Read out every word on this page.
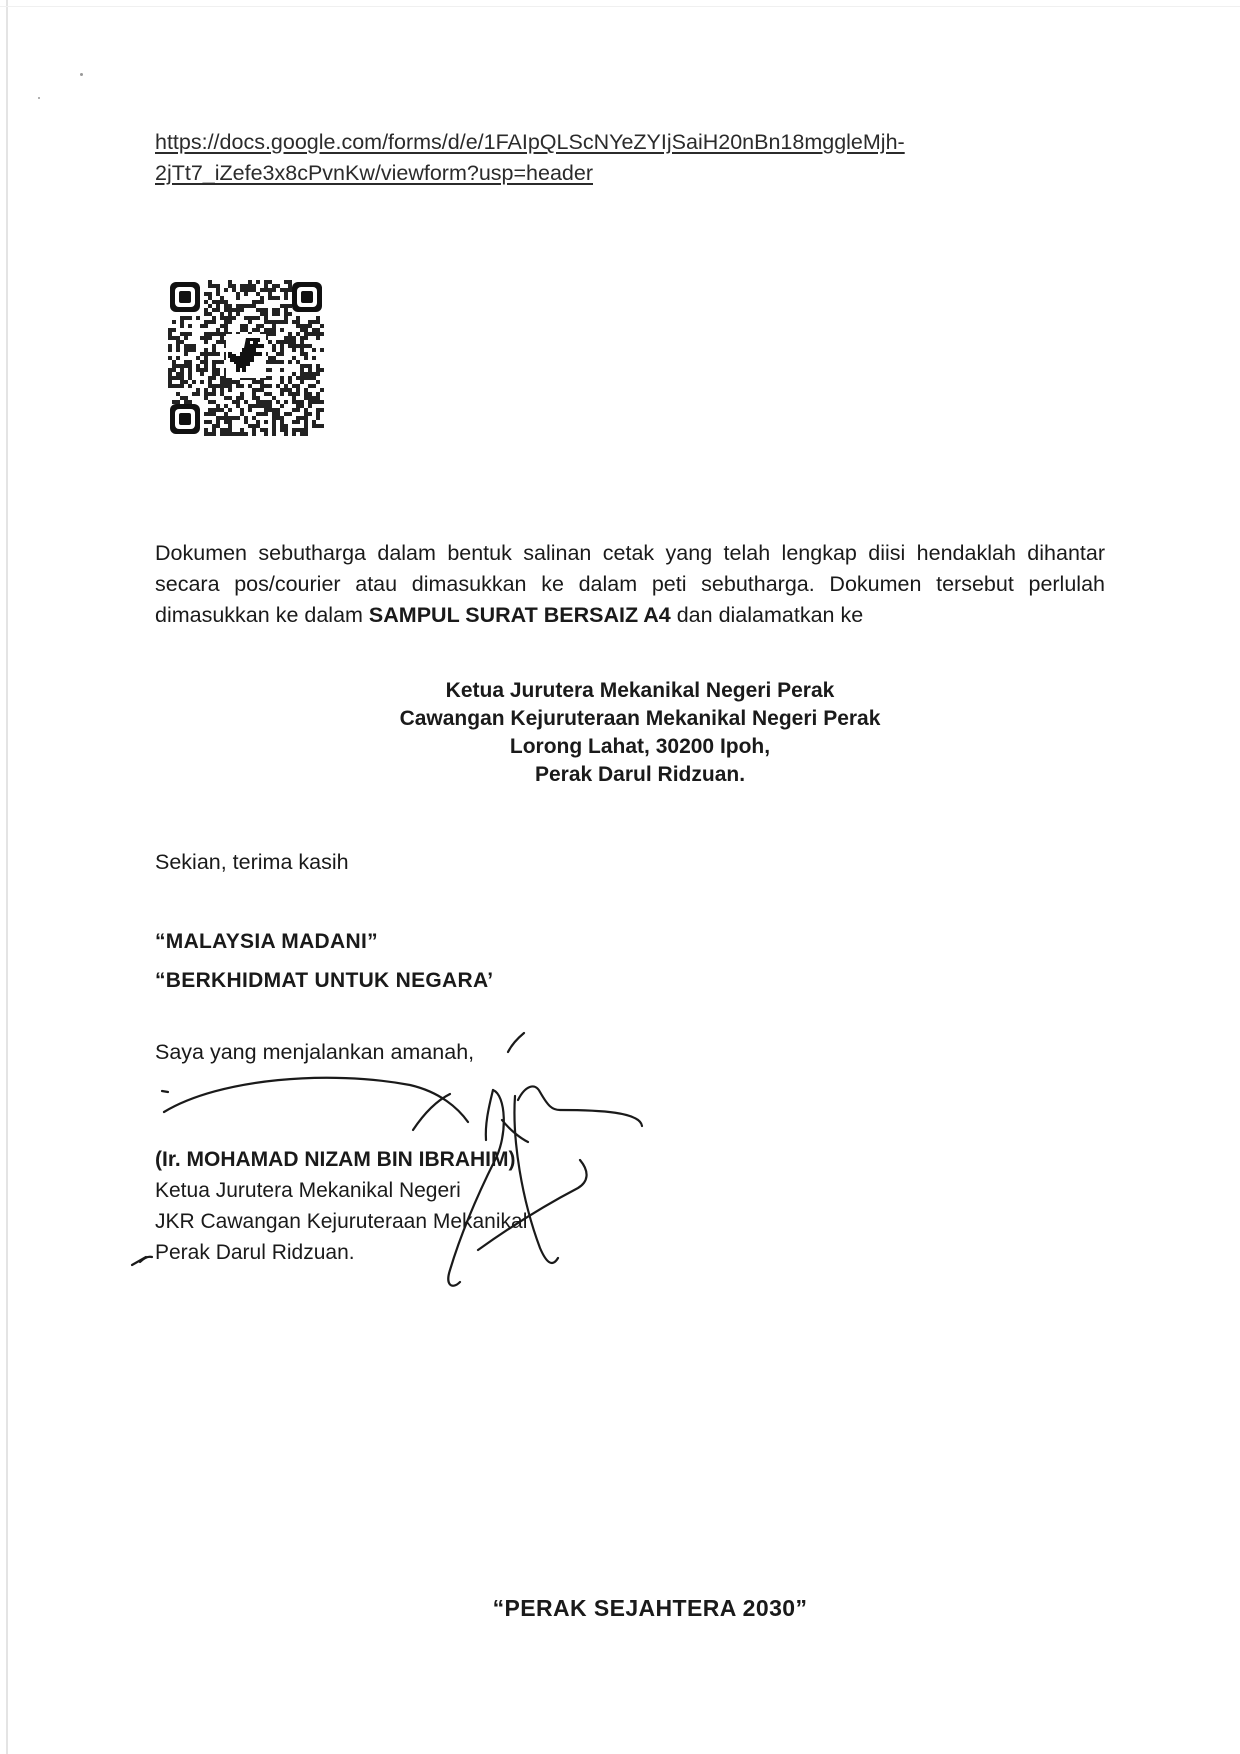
https://docs.google.com/forms/d/e/1FAIpQLScNYeZYIjSaiH20nBn18mggleMjh-
2jTt7_iZefe3x8cPvnKw/viewform?usp=header

Dokumen sebutharga dalam bentuk salinan cetak yang telah lengkap diisi hendaklah dihantar secara pos/courier atau dimasukkan ke dalam peti sebutharga. Dokumen tersebut perlulah dimasukkan ke dalam SAMPUL SURAT BERSAIZ A4 dan dialamatkan ke

Ketua Jurutera Mekanikal Negeri Perak
Cawangan Kejuruteraan Mekanikal Negeri Perak
Lorong Lahat, 30200 Ipoh,
Perak Darul Ridzuan.
Sekian, terima kasih
“MALAYSIA MADANI”
“BERKHIDMAT UNTUK NEGARA’
Saya yang menjalankan amanah,
(Ir. MOHAMAD NIZAM BIN IBRAHIM)
Ketua Jurutera Mekanikal Negeri
JKR Cawangan Kejuruteraan Mekanikal
Perak Darul Ridzuan.
“PERAK SEJAHTERA 2030”
